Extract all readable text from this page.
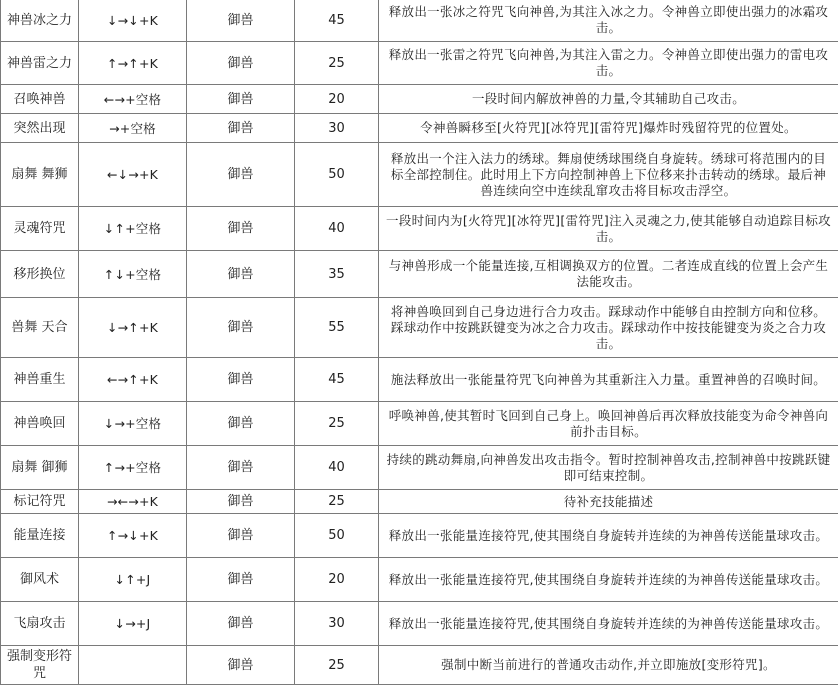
神兽冰之力	↓→↓+K	御兽	45	释放出一张冰之符咒飞向神兽,为其注入冰之力。令神兽立即使出强力的冰霜攻击。
神兽雷之力	↑→↑+K	御兽	25	释放出一张雷之符咒飞向神兽,为其注入雷之力。令神兽立即使出强力的雷电攻击。
召唤神兽	←→+空格	御兽	20	一段时间内解放神兽的力量,令其辅助自己攻击。
突然出现	→+空格	御兽	30	令神兽瞬移至[火符咒][冰符咒][雷符咒]爆炸时残留符咒的位置处。
扇舞 舞狮	←↓→+K	御兽	50	释放出一个注入法力的绣球。舞扇使绣球围绕自身旋转。绣球可将范围内的目标全部控制住。此时用上下方向控制神兽上下位移来扑击转动的绣球。最后神兽连续向空中连续乱窜攻击将目标攻击浮空。
灵魂符咒	↓↑+空格	御兽	40	一段时间内为[火符咒][冰符咒][雷符咒]注入灵魂之力,使其能够自动追踪目标攻击。
移形换位	↑↓+空格	御兽	35	与神兽形成一个能量连接,互相调换双方的位置。二者连成直线的位置上会产生法能攻击。
兽舞 天合	↓→↑+K	御兽	55	将神兽唤回到自己身边进行合力攻击。踩球动作中能够自由控制方向和位移。踩球动作中按跳跃键变为冰之合力攻击。踩球动作中按技能键变为炎之合力攻击。
神兽重生	←→↑+K	御兽	45	施法释放出一张能量符咒飞向神兽为其重新注入力量。重置神兽的召唤时间。
神兽唤回	↓→+空格	御兽	25	呼唤神兽,使其暂时飞回到自己身上。唤回神兽后再次释放技能变为命令神兽向前扑击目标。
扇舞 御狮	↑→+空格	御兽	40	持续的跳动舞扇,向神兽发出攻击指令。暂时控制神兽攻击,控制神兽中按跳跃键即可结束控制。
标记符咒	→←→+K	御兽	25	待补充技能描述
能量连接	↑→↓+K	御兽	50	释放出一张能量连接符咒,使其围绕自身旋转并连续的为神兽传送能量球攻击。
御风术	↓↑+J	御兽	20	释放出一张能量连接符咒,使其围绕自身旋转并连续的为神兽传送能量球攻击。
飞扇攻击	↓→+J	御兽	30	释放出一张能量连接符咒,使其围绕自身旋转并连续的为神兽传送能量球攻击。
强制变形符咒		御兽	25	强制中断当前进行的普通攻击动作,并立即施放[变形符咒]。
